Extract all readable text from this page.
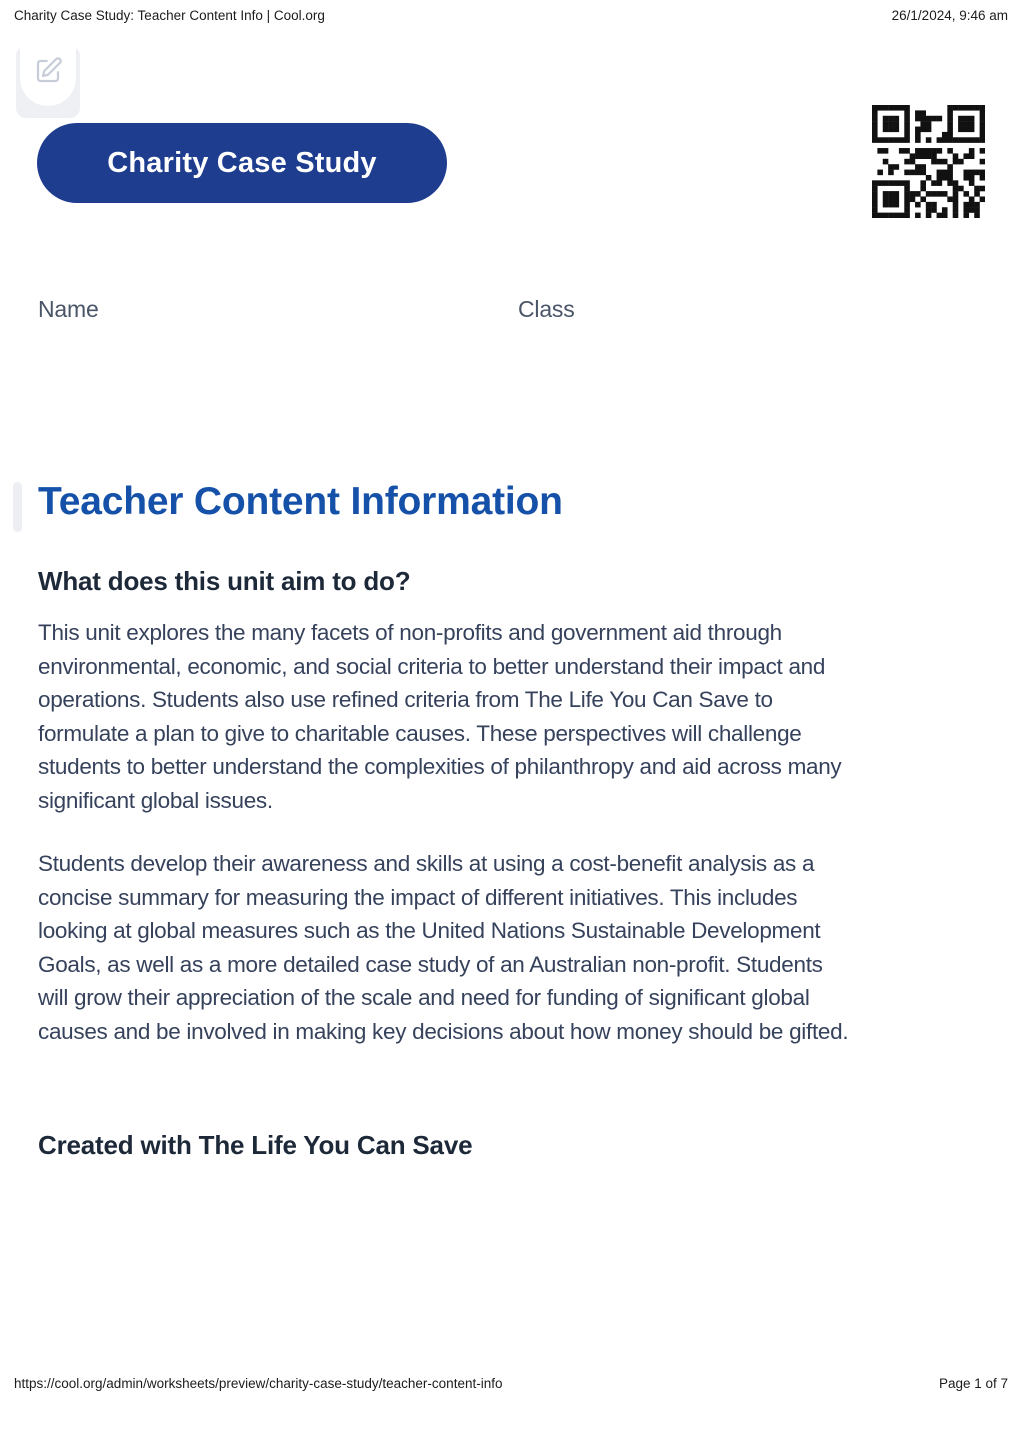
Charity Case Study: Teacher Content Info | Cool.org	26/1/2024, 9:46 am
Charity Case Study
Name	Class
Teacher Content Information
What does this unit aim to do?
This unit explores the many facets of non-profits and government aid through
environmental, economic, and social criteria to better understand their impact and
operations. Students also use refined criteria from The Life You Can Save to
formulate a plan to give to charitable causes. These perspectives will challenge
students to better understand the complexities of philanthropy and aid across many
significant global issues.
Students develop their awareness and skills at using a cost-benefit analysis as a
concise summary for measuring the impact of different initiatives. This includes
looking at global measures such as the United Nations Sustainable Development
Goals, as well as a more detailed case study of an Australian non-profit. Students
will grow their appreciation of the scale and need for funding of significant global
causes and be involved in making key decisions about how money should be gifted.
Created with The Life You Can Save
https://cool.org/admin/worksheets/preview/charity-case-study/teacher-content-info	Page 1 of 7
